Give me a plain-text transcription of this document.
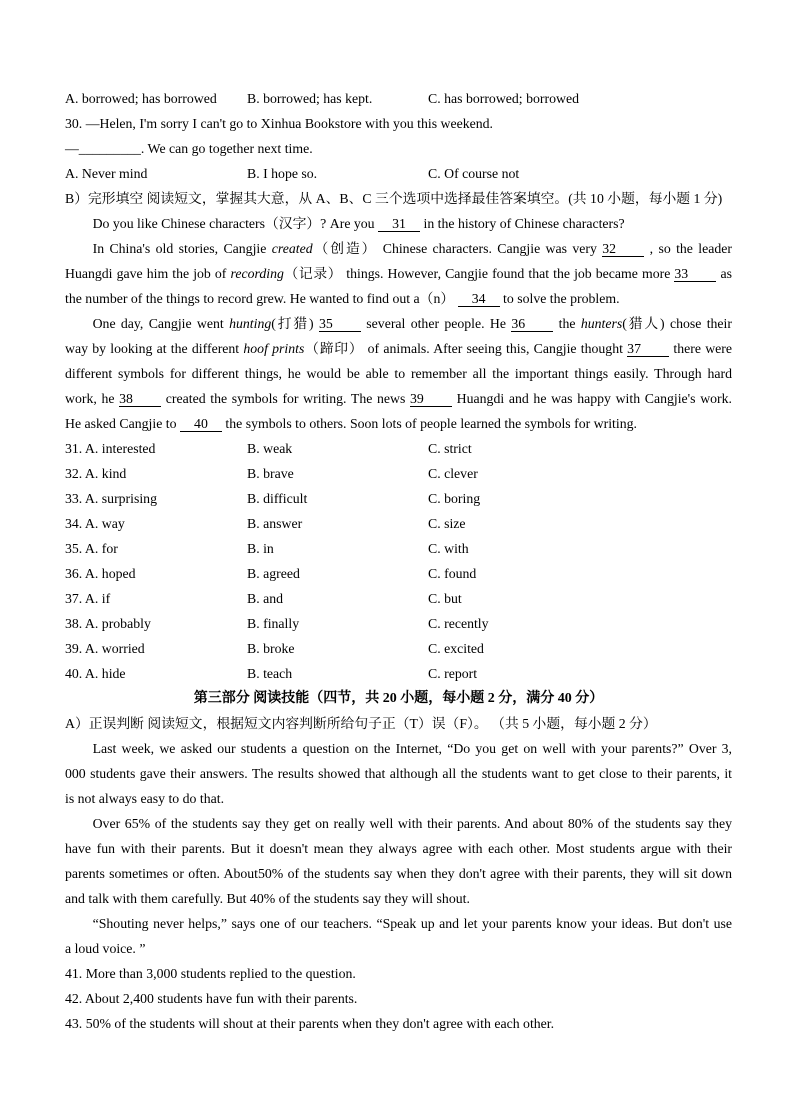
A. borrowed; has borrowed	B. borrowed; has kept.	C. has borrowed; borrowed
30. —Helen, I'm sorry I can't go to Xinhua Bookstore with you this weekend.
—_________. We can go together next time.
A. Never mind	B. I hope so.	C. Of course not
B）完形填空 阅读短文，掌握其大意，从 A、B、C 三个选项中选择最佳答案填空。(共 10 小题，每小题 1 分)
Do you like Chinese characters（汉字）? Are you 31 in the history of Chinese characters?
In China's old stories, Cangjie created（创造） Chinese characters. Cangjie was very 32 , so the leader
Huangdi gave him the job of recording（记录） things. However, Cangjie found that the job became more 33 as
the number of the things to record grew. He wanted to find out a（n） 34 to solve the problem.
One day, Cangjie went hunting(打猎) 35 several other people. He 36 the hunters(猎人) chose their
way by looking at the different hoof prints（蹄印） of animals. After seeing this, Cangjie thought 37 there were
different symbols for different things, he would be able to remember all the important things easily. Through hard
work, he 38 created the symbols for writing. The news 39 Huangdi and he was happy with Cangjie's work.
He asked Cangjie to 40 the symbols to others. Soon lots of people learned the symbols for writing.
31. A. interested	B. weak	C. strict
32. A. kind	B. brave	C. clever
33. A. surprising	B. difficult	C. boring
34. A. way	B. answer	C. size
35. A. for	B. in	C. with
36. A. hoped	B. agreed	C. found
37. A. if	B. and	C. but
38. A. probably	B. finally	C. recently
39. A. worried	B. broke	C. excited
40. A. hide	B. teach	C. report
第三部分 阅读技能（四节，共 20 小题，每小题 2 分，满分 40 分）
A）正误判断 阅读短文，根据短文内容判断所给句子正（T）误（F）。 （共 5 小题，每小题 2 分）
Last week, we asked our students a question on the Internet, “Do you get on well with your parents?” Over 3,
000 students gave their answers. The results showed that although all the students want to get close to their parents, it
is not always easy to do that.
Over 65% of the students say they get on really well with their parents. And about 80% of the students say they
have fun with their parents. But it doesn't mean they always agree with each other. Most students argue with their
parents sometimes or often. About50% of the students say when they don't agree with their parents, they will sit down
and talk with them carefully. But 40% of the students say they will shout.
“Shouting never helps,” says one of our teachers. “Speak up and let your parents know your ideas. But don't use
a loud voice. ”
41. More than 3,000 students replied to the question.
42. About 2,400 students have fun with their parents.
43. 50% of the students will shout at their parents when they don't agree with each other.
